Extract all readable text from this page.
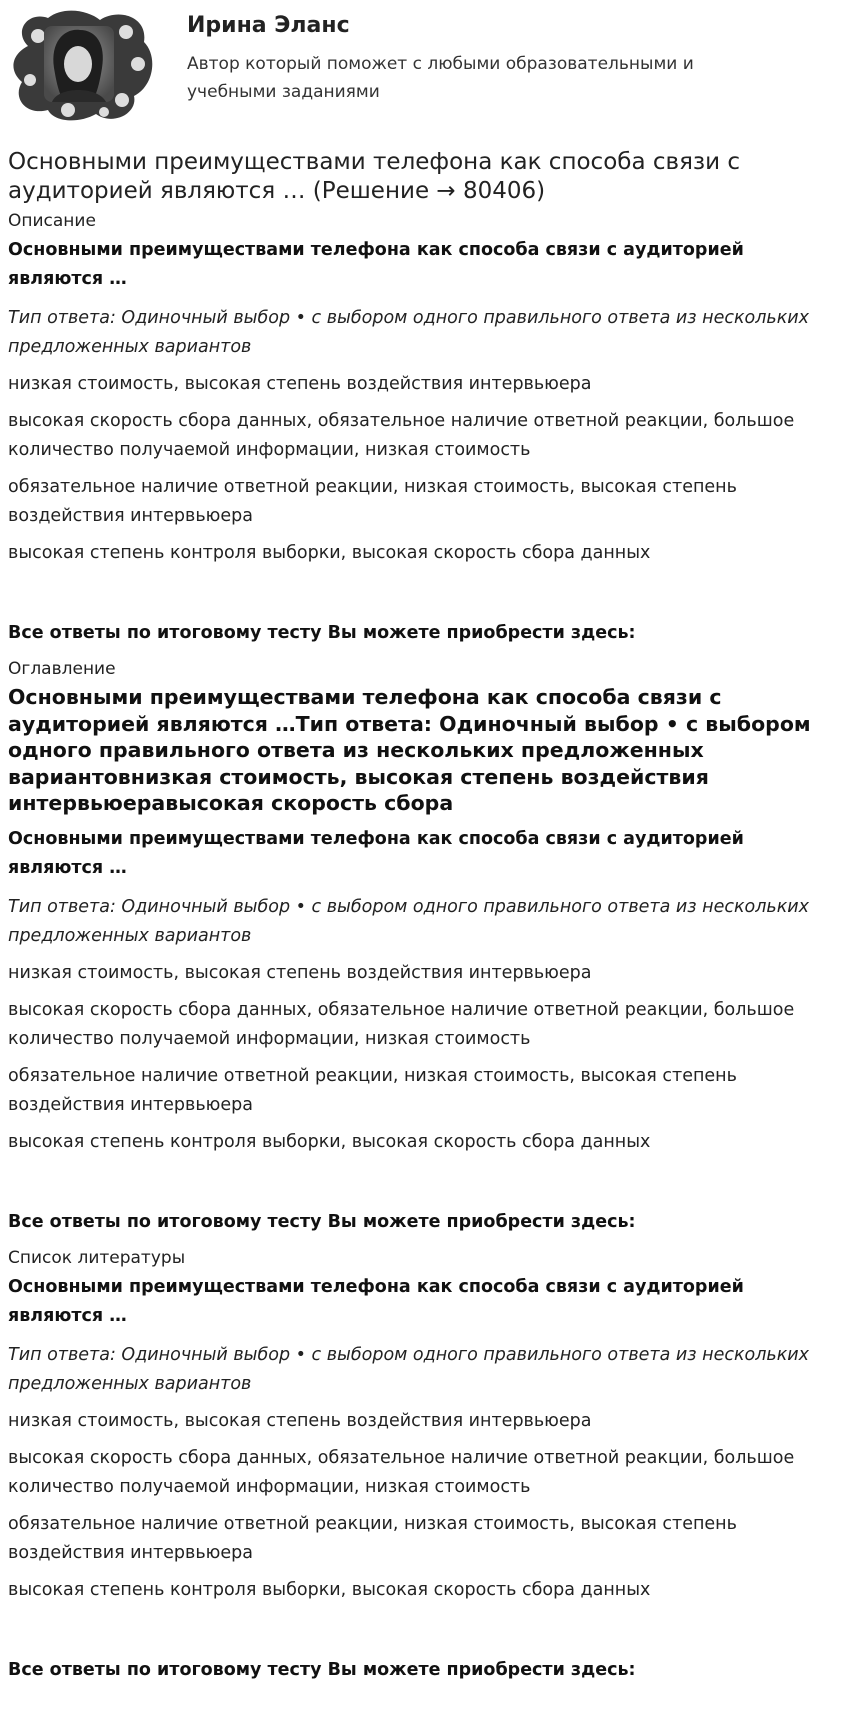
Ирина Эланс
Автор который поможет с любыми образовательными и учебными заданиями
Основными преимуществами телефона как способа связи с аудиторией являются … (Решение → 80406)
Описание
Основными преимуществами телефона как способа связи с аудиторией являются …
Тип ответа: Одиночный выбор • с выбором одного правильного ответа из нескольких предложенных вариантов
низкая стоимость, высокая степень воздействия интервьюера
высокая скорость сбора данных, обязательное наличие ответной реакции, большое количество получаемой информации, низкая стоимость
обязательное наличие ответной реакции, низкая стоимость, высокая степень воздействия интервьюера
высокая степень контроля выборки, высокая скорость сбора данных
Все ответы по итоговому тесту Вы можете приобрести здесь:
Оглавление
Основными преимуществами телефона как способа связи с аудиторией являются …Тип ответа: Одиночный выбор • с выбором одного правильного ответа из нескольких предложенных вариантовнизкая стоимость, высокая степень воздействия интервьюеравысокая скорость сбора
Основными преимуществами телефона как способа связи с аудиторией являются …
Тип ответа: Одиночный выбор • с выбором одного правильного ответа из нескольких предложенных вариантов
низкая стоимость, высокая степень воздействия интервьюера
высокая скорость сбора данных, обязательное наличие ответной реакции, большое количество получаемой информации, низкая стоимость
обязательное наличие ответной реакции, низкая стоимость, высокая степень воздействия интервьюера
высокая степень контроля выборки, высокая скорость сбора данных
Все ответы по итоговому тесту Вы можете приобрести здесь:
Список литературы
Основными преимуществами телефона как способа связи с аудиторией являются …
Тип ответа: Одиночный выбор • с выбором одного правильного ответа из нескольких предложенных вариантов
низкая стоимость, высокая степень воздействия интервьюера
высокая скорость сбора данных, обязательное наличие ответной реакции, большое количество получаемой информации, низкая стоимость
обязательное наличие ответной реакции, низкая стоимость, высокая степень воздействия интервьюера
высокая степень контроля выборки, высокая скорость сбора данных
Все ответы по итоговому тесту Вы можете приобрести здесь:
